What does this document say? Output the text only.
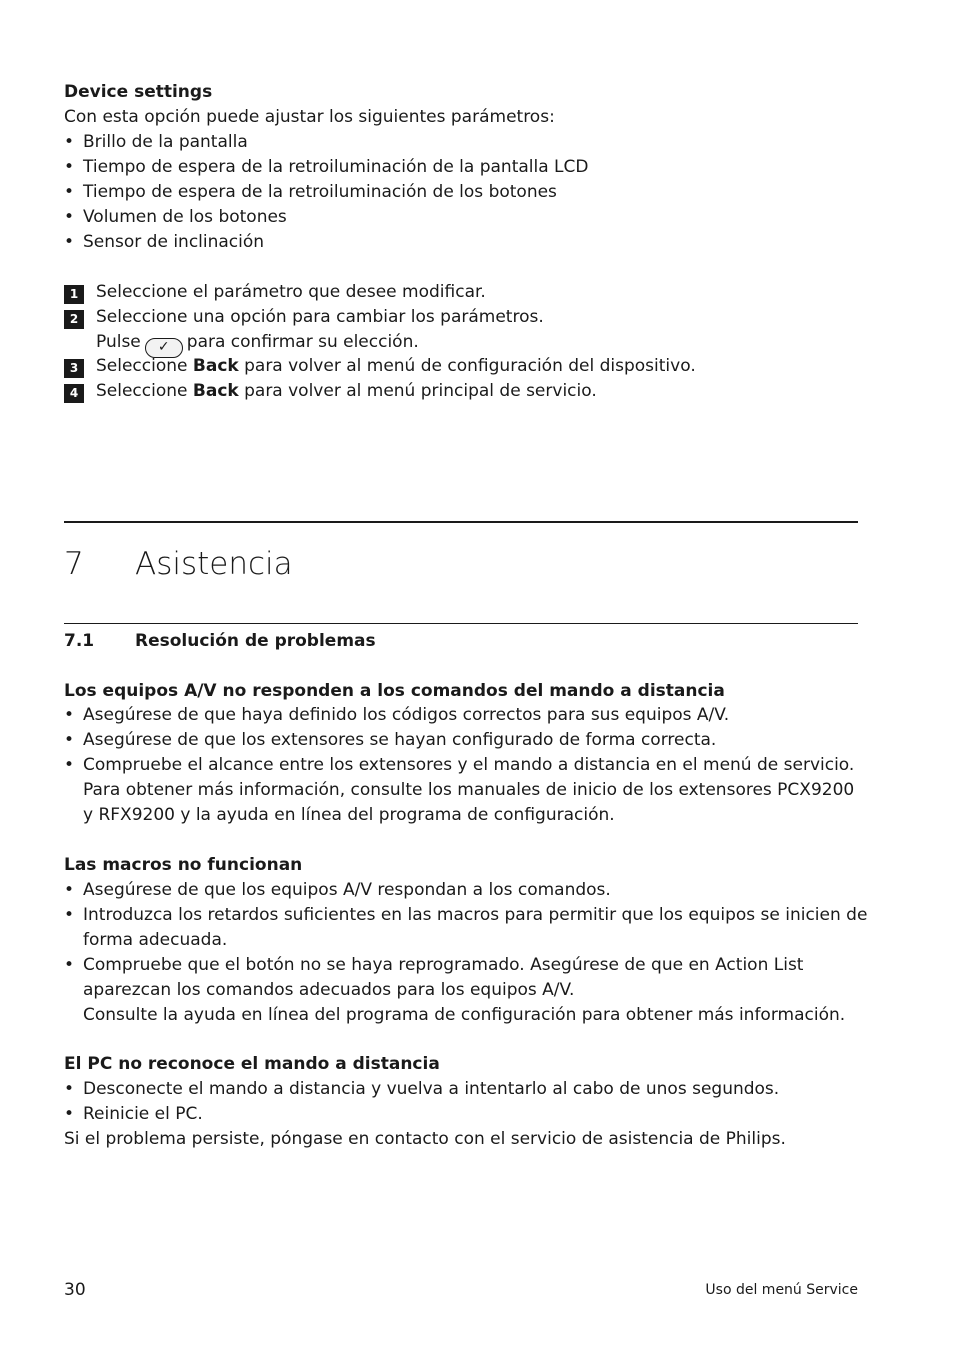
Device settings
Con esta opción puede ajustar los siguientes parámetros:
• Brillo de la pantalla
• Tiempo de espera de la retroiluminación de la pantalla LCD
• Tiempo de espera de la retroiluminación de los botones
• Volumen de los botones
• Sensor de inclinación
1	Seleccione el parámetro que desee modificar.
2	Seleccione una opción para cambiar los parámetros.
Pulse ✓ para confirmar su elección.
3	Seleccione Back para volver al menú de configuración del dispositivo.
4	Seleccione Back para volver al menú principal de servicio.
7 Asistencia
7.1 Resolución de problemas
Los equipos A/V no responden a los comandos del mando a distancia
• Asegúrese de que haya definido los códigos correctos para sus equipos A/V.
• Asegúrese de que los extensores se hayan configurado de forma correcta.
• Compruebe el alcance entre los extensores y el mando a distancia en el menú de servicio.
Para obtener más información, consulte los manuales de inicio de los extensores PCX9200
y RFX9200 y la ayuda en línea del programa de configuración.
Las macros no funcionan
• Asegúrese de que los equipos A/V respondan a los comandos.
• Introduzca los retardos suficientes en las macros para permitir que los equipos se inicien de
forma adecuada.
• Compruebe que el botón no se haya reprogramado. Asegúrese de que en Action List
aparezcan los comandos adecuados para los equipos A/V.
Consulte la ayuda en línea del programa de configuración para obtener más información.
El PC no reconoce el mando a distancia
• Desconecte el mando a distancia y vuelva a intentarlo al cabo de unos segundos.
• Reinicie el PC.
Si el problema persiste, póngase en contacto con el servicio de asistencia de Philips.
30	Uso del menú Service
